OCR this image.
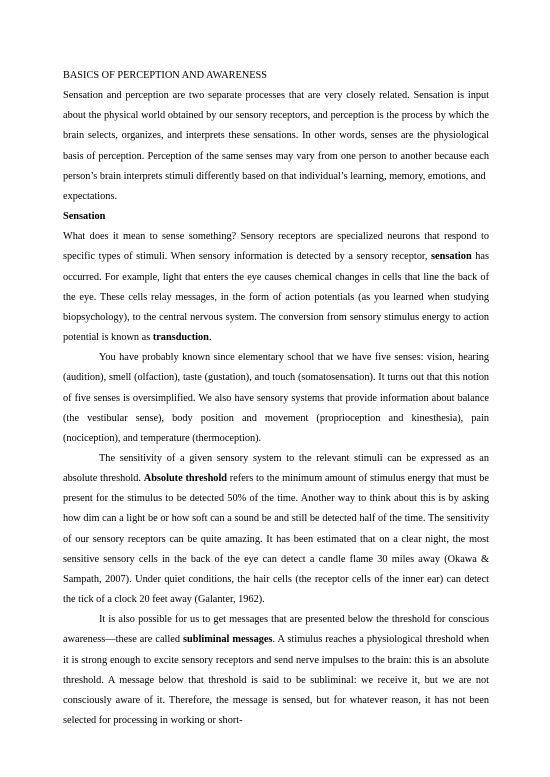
BASICS OF PERCEPTION AND AWARENESS

Sensation and perception are two separate processes that are very closely related. Sensation is input about the physical world obtained by our sensory receptors, and perception is the process by which the brain selects, organizes, and interprets these sensations. In other words, senses are the physiological basis of perception. Perception of the same senses may vary from one person to another because each person’s brain interprets stimuli differently based on that individual’s learning, memory, emotions, and

expectations.

Sensation

What does it mean to sense something? Sensory receptors are specialized neurons that respond to specific types of stimuli. When sensory information is detected by a sensory receptor, sensation has occurred. For example, light that enters the eye causes chemical changes in cells that line the back of the eye. These cells relay messages, in the form of action potentials (as you learned when studying biopsychology), to the central nervous system. The conversion from sensory stimulus energy to action potential is known as transduction.

You have probably known since elementary school that we have five senses: vision, hearing (audition), smell (olfaction), taste (gustation), and touch (somatosensation). It turns out that this notion of five senses is oversimplified. We also have sensory systems that provide information about balance (the vestibular sense), body position and movement (proprioception and kinesthesia), pain (nociception), and temperature (thermoception).

The sensitivity of a given sensory system to the relevant stimuli can be expressed as an absolute threshold. Absolute threshold refers to the minimum amount of stimulus energy that must be present for the stimulus to be detected 50% of the time. Another way to think about this is by asking how dim can a light be or how soft can a sound be and still be detected half of the time. The sensitivity of our sensory receptors can be quite amazing. It has been estimated that on a clear night, the most sensitive sensory cells in the back of the eye can detect a candle flame 30 miles away (Okawa & Sampath, 2007). Under quiet conditions, the hair cells (the receptor cells of the inner ear) can detect the tick of a clock 20 feet away (Galanter, 1962).

It is also possible for us to get messages that are presented below the threshold for conscious awareness—these are called subliminal messages. A stimulus reaches a physiological threshold when it is strong enough to excite sensory receptors and send nerve impulses to the brain: this is an absolute threshold. A message below that threshold is said to be subliminal: we receive it, but we are not consciously aware of it. Therefore, the message is sensed, but for whatever reason, it has not been selected for processing in working or short-
